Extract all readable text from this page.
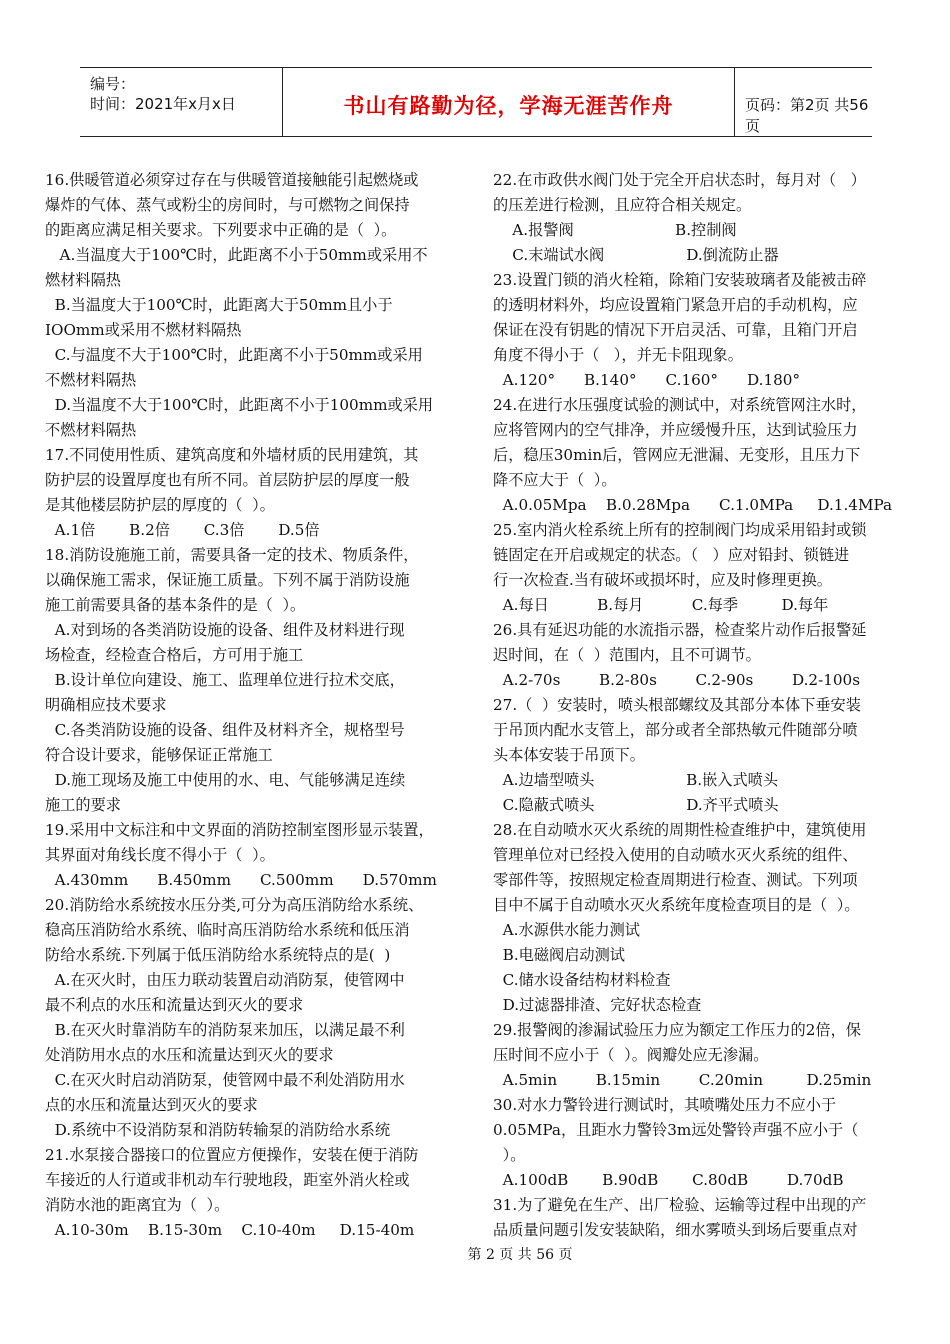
编号：
时间：2021年x月x日	书山有路勤为径，学海无涯苦作舟	页码：第2页 共56页
16.供暖管道必须穿过存在与供暖管道接触能引起燃烧或
爆炸的气体、蒸气或粉尘的房间时，与可燃物之间保持
的距离应满足相关要求。下列要求中正确的是（  ）。
A.当温度大于100℃时，此距离不小于50mm或采用不
燃材料隔热
B.当温度大于100℃时，此距离大于50mm且小于
IOOmm或采用不燃材料隔热
C.与温度不大于100℃时，此距离不小于50mm或采用
不燃材料隔热
D.当温度不大于100℃时，此距离不小于100mm或采用
不燃材料隔热
17.不同使用性质、建筑高度和外墙材质的民用建筑，其
防护层的设置厚度也有所不同。首层防护层的厚度一般
是其他楼层防护层的厚度的（  ）。
A.1倍       B.2倍       C.3倍       D.5倍
18.消防设施施工前，需要具备一定的技术、物质条件，
以确保施工需求，保证施工质量。下列不属于消防设施
施工前需要具备的基本条件的是（  ）。
A.对到场的各类消防设施的设备、组件及材料进行现
场检查，经检查合格后，方可用于施工
B.设计单位向建设、施工、监理单位进行拉术交底，
明确相应技术要求
C.各类消防设施的设备、组件及材料齐全，规格型号
符合设计要求，能够保证正常施工
D.施工现场及施工中使用的水、电、气能够满足连续
施工的要求
19.采用中文标注和中文界面的消防控制室图形显示装置，
其界面对角线长度不得小于（  ）。
A.430mm      B.450mm      C.500mm      D.570mm
20.消防给水系统按水压分类,可分为高压消防给水系统、
稳高压消防给水系统、临时高压消防给水系统和低压消
防给水系统.下列属于低压消防给水系统特点的是(  )
A.在灭火时，由压力联动装置启动消防泵，使管网中
最不利点的水压和流量达到灭火的要求
B.在灭火时靠消防车的消防泵来加压，以满足最不利
处消防用水点的水压和流量达到灭火的要求
C.在灭火时启动消防泵，使管网中最不利处消防用水
点的水压和流量达到灭火的要求
D.系统中不设消防泵和消防转输泵的消防给水系统
21.水泵接合器接口的位置应方便操作，安装在便于消防
车接近的人行道或非机动车行驶地段，距室外消火栓或
消防水池的距离宜为（  ）。
A.10-30m    B.15-30m    C.10-40m     D.15-40m
22.在市政供水阀门处于完全开启状态时，每月对（   ）
的压差进行检测，且应符合相关规定。
A.报警阀                     B.控制阀
C.末端试水阀                 D.倒流防止器
23.设置门锁的消火栓箱，除箱门安装玻璃者及能被击碎
的透明材料外，均应设置箱门紧急开启的手动机构，应
保证在没有钥匙的情况下开启灵活、可靠，且箱门开启
角度不得小于（   ），并无卡阻现象。
A.120°      B.140°      C.160°      D.180°
24.在进行水压强度试验的测试中，对系统管网注水时，
应将管网内的空气排净，并应缓慢升压，达到试验压力
后，稳压30min后，管网应无泄漏、无变形，且压力下
降不应大于（  ）。
A.0.05Mpa    B.0.28Mpa      C.1.0MPa     D.1.4MPa
25.室内消火栓系统上所有的控制阀门均成采用铅封或锁
链固定在开启或规定的状态。（   ）应对铅封、锁链进
行一次检查.当有破坏或损坏时，应及时修理更换。
A.每日          B.每月          C.每季         D.每年
26.具有延迟功能的水流指示器，检查桨片动作后报警延
迟时间，在（  ）范围内，且不可调节。
A.2-70s        B.2-80s        C.2-90s        D.2-100s
27.（  ）安装时，喷头根部螺纹及其部分本体下垂安装
于吊顶内配水支管上，部分或者全部热敏元件随部分喷
头本体安装于吊顶下。
A.边墙型喷头                   B.嵌入式喷头
C.隐蔽式喷头                   D.齐平式喷头
28.在自动喷水灭火系统的周期性检查维护中，建筑使用
管理单位对已经投入使用的自动喷水灭火系统的组件、
零部件等，按照规定检查周期进行检查、测试。下列项
目中不属于自动喷水灭火系统年度检查项目的是（  ）。
A.水源供水能力测试
B.电磁阀启动测试
C.储水设备结构材料检查
D.过滤器排渣、完好状态检查
29.报警阀的渗漏试验压力应为额定工作压力的2倍，保
压时间不应小于（  ）。阀瓣处应无渗漏。
A.5min        B.15min        C.20min         D.25min
30.对水力警铃进行测试时，其喷嘴处压力不应小于
0.05MPa，且距水力警铃3m远处警铃声强不应小于（
）。
A.100dB       B.90dB       C.80dB        D.70dB
31.为了避免在生产、出厂检验、运输等过程中出现的产
品质量问题引发安装缺陷，细水雾喷头到场后要重点对
第 2 页 共 56 页
